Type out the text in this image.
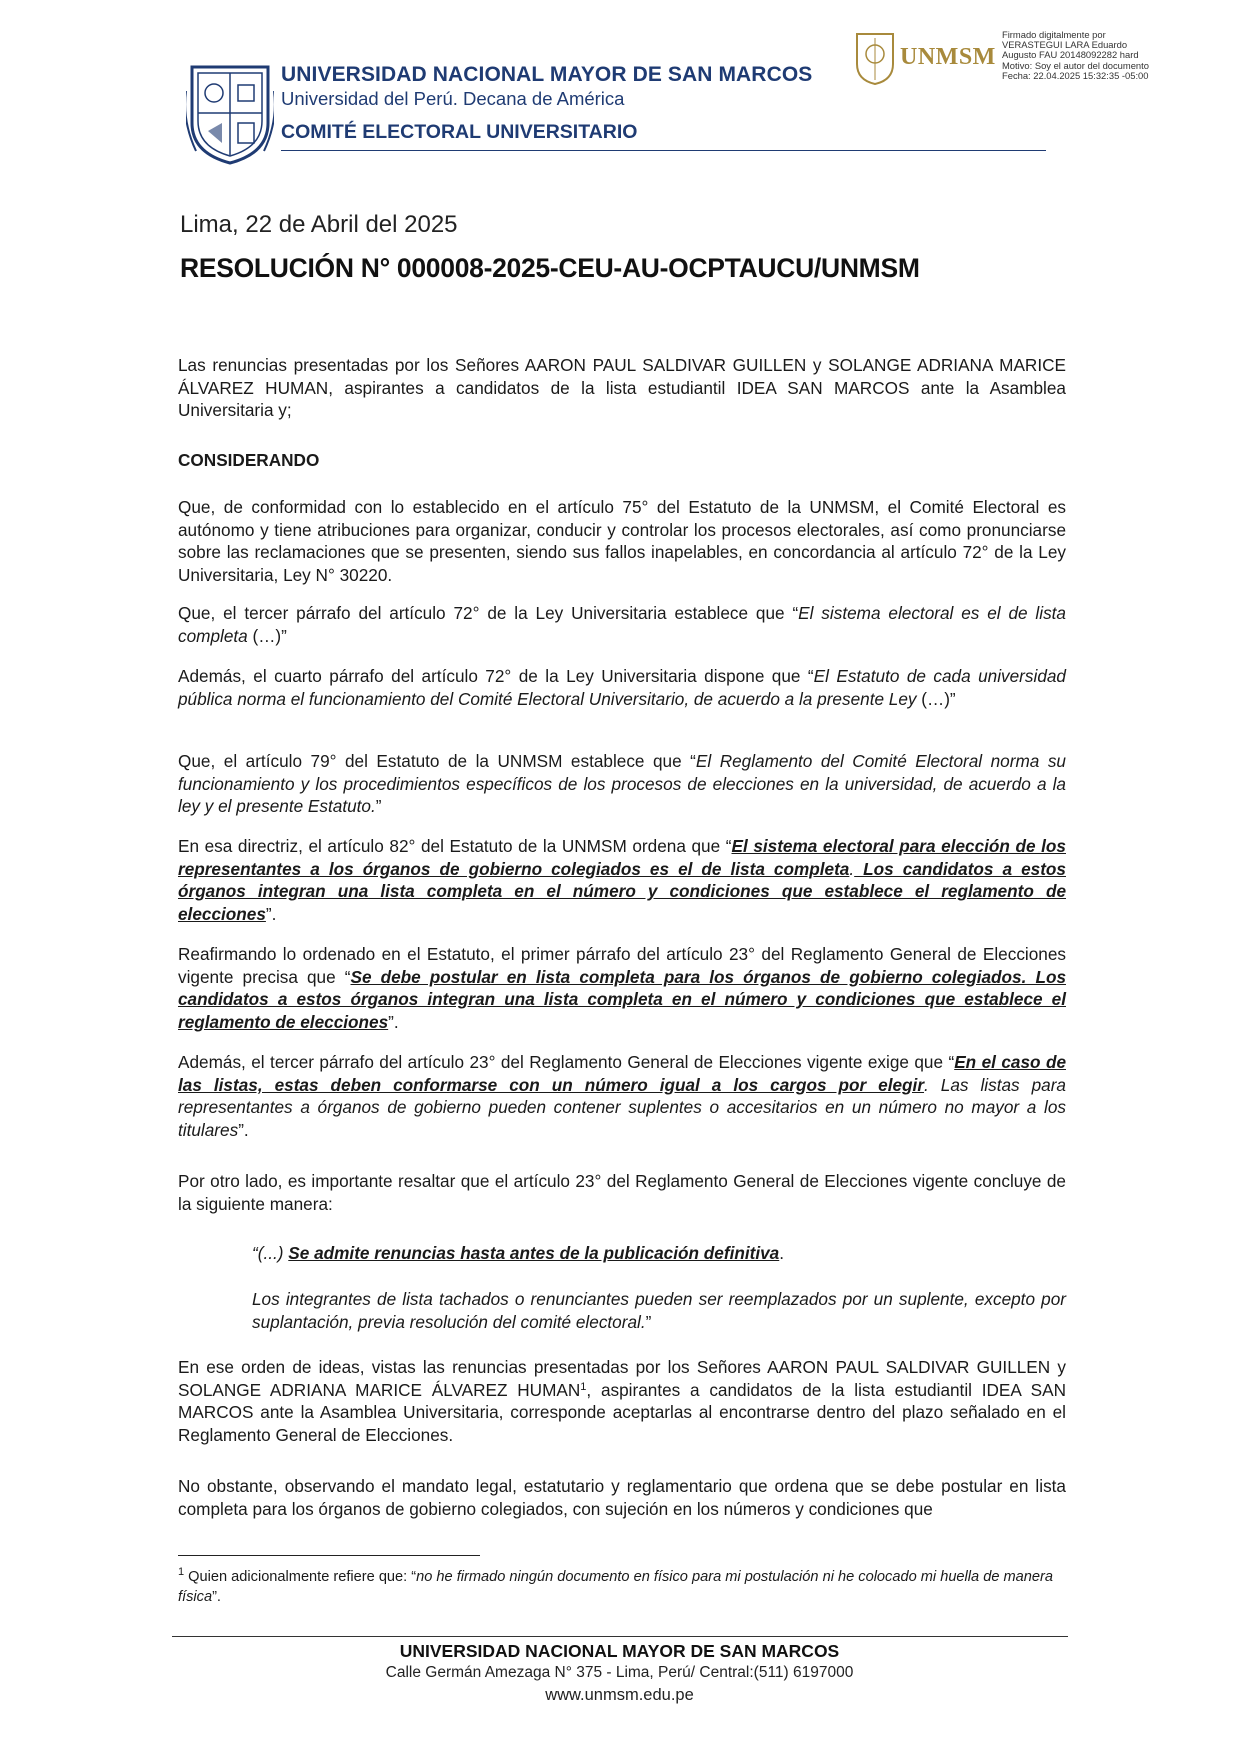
UNIVERSIDAD NACIONAL MAYOR DE SAN MARCOS
Universidad del Perú. Decana de América
COMITÉ ELECTORAL UNIVERSITARIO
UNMSM
Firmado digitalmente por
VERASTEGUI LARA Eduardo
Augusto FAU 20148092282 hard
Motivo: Soy el autor del documento
Fecha: 22.04.2025 15:32:35 -05:00
Lima, 22 de Abril del 2025
RESOLUCIÓN N° 000008-2025-CEU-AU-OCPTAUCU/UNMSM

Las renuncias presentadas por los Señores AARON PAUL SALDIVAR GUILLEN y SOLANGE ADRIANA MARICE ÁLVAREZ HUMAN, aspirantes a candidatos de la lista estudiantil IDEA SAN MARCOS ante la Asamblea Universitaria y;

CONSIDERANDO

Que, de conformidad con lo establecido en el artículo 75° del Estatuto de la UNMSM, el Comité Electoral es autónomo y tiene atribuciones para organizar, conducir y controlar los procesos electorales, así como pronunciarse sobre las reclamaciones que se presenten, siendo sus fallos inapelables, en concordancia al artículo 72° de la Ley Universitaria, Ley N° 30220.

Que, el tercer párrafo del artículo 72° de la Ley Universitaria establece que “El sistema electoral es el de lista completa (…)”

Además, el cuarto párrafo del artículo 72° de la Ley Universitaria dispone que “El Estatuto de cada universidad pública norma el funcionamiento del Comité Electoral Universitario, de acuerdo a la presente Ley (…)”

Que, el artículo 79° del Estatuto de la UNMSM establece que “El Reglamento del Comité Electoral norma su funcionamiento y los procedimientos específicos de los procesos de elecciones en la universidad, de acuerdo a la ley y el presente Estatuto.”

En esa directriz, el artículo 82° del Estatuto de la UNMSM ordena que “El sistema electoral para elección de los representantes a los órganos de gobierno colegiados es el de lista completa. Los candidatos a estos órganos integran una lista completa en el número y condiciones que establece el reglamento de elecciones”.

Reafirmando lo ordenado en el Estatuto, el primer párrafo del artículo 23° del Reglamento General de Elecciones vigente precisa que “Se debe postular en lista completa para los órganos de gobierno colegiados. Los candidatos a estos órganos integran una lista completa en el número y condiciones que establece el reglamento de elecciones”.

Además, el tercer párrafo del artículo 23° del Reglamento General de Elecciones vigente exige que “En el caso de las listas, estas deben conformarse con un número igual a los cargos por elegir. Las listas para representantes a órganos de gobierno pueden contener suplentes o accesitarios en un número no mayor a los titulares”.

Por otro lado, es importante resaltar que el artículo 23° del Reglamento General de Elecciones vigente concluye de la siguiente manera:

“(...) Se admite renuncias hasta antes de la publicación definitiva.

Los integrantes de lista tachados o renunciantes pueden ser reemplazados por un suplente, excepto por suplantación, previa resolución del comité electoral.”

En ese orden de ideas, vistas las renuncias presentadas por los Señores AARON PAUL SALDIVAR GUILLEN y SOLANGE ADRIANA MARICE ÁLVAREZ HUMAN$^1$, aspirantes a candidatos de la lista estudiantil IDEA SAN MARCOS ante la Asamblea Universitaria, corresponde aceptarlas al encontrarse dentro del plazo señalado en el Reglamento General de Elecciones.

No obstante, observando el mandato legal, estatutario y reglamentario que ordena que se debe postular en lista completa para los órganos de gobierno colegiados, con sujeción en los números y condiciones que

$^1$ Quien adicionalmente refiere que: “no he firmado ningún documento en físico para mi postulación ni he colocado mi huella de manera física”.

UNIVERSIDAD NACIONAL MAYOR DE SAN MARCOS
Calle Germán Amezaga N° 375 - Lima, Perú/ Central:(511) 6197000
www.unmsm.edu.pe
